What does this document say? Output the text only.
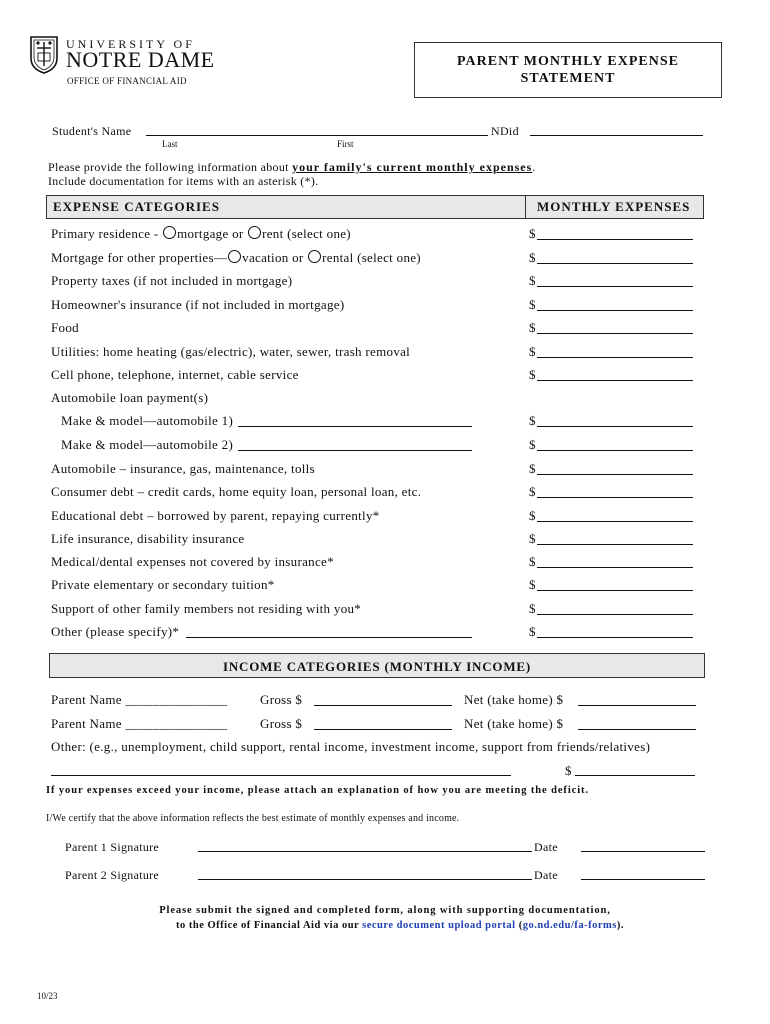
UNIVERSITY OF
NOTRE DAME
OFFICE OF FINANCIAL AID
PARENT MONTHLY EXPENSE
STATEMENT
Student's Name
Last	First
NDid
Please provide the following information about your family's current monthly expenses.
Include documentation for items with an asterisk (*).
EXPENSE CATEGORIES	MONTHLY EXPENSES
Primary residence - mortgage or rent (select one)	$
Mortgage for other properties— vacation or rental (select one)	$
Property taxes (if not included in mortgage)	$
Homeowner's insurance (if not included in mortgage)	$
Food	$
Utilities: home heating (gas/electric), water, sewer, trash removal	$
Cell phone, telephone, internet, cable service	$
Automobile loan payment(s)
Make & model—automobile 1)	$
Make & model—automobile 2)	$
Automobile – insurance, gas, maintenance, tolls	$
Consumer debt – credit cards, home equity loan, personal loan, etc.	$
Educational debt – borrowed by parent, repaying currently*	$
Life insurance, disability insurance	$
Medical/dental expenses not covered by insurance*	$
Private elementary or secondary tuition*	$
Support of other family members not residing with you*	$
Other (please specify)*	$
$_{INCOME CATEGORIES (MONTHLY INCOME)}$
Parent Name _______________	Gross $	Net (take home) $
Parent Name _______________	Gross $	Net (take home) $
Other: (e.g., unemployment, child support, rental income, investment income, support from friends/relatives)
$
If your expenses exceed your income, please attach an explanation of how you are meeting the deficit.
I/We certify that the above information reflects the best estimate of monthly expenses and income.
Parent 1 Signature	Date
Parent 2 Signature	Date
Please submit the signed and completed form, along with supporting documentation,
to the Office of Financial Aid via our secure document upload portal (go.nd.edu/fa-forms).
10/23
